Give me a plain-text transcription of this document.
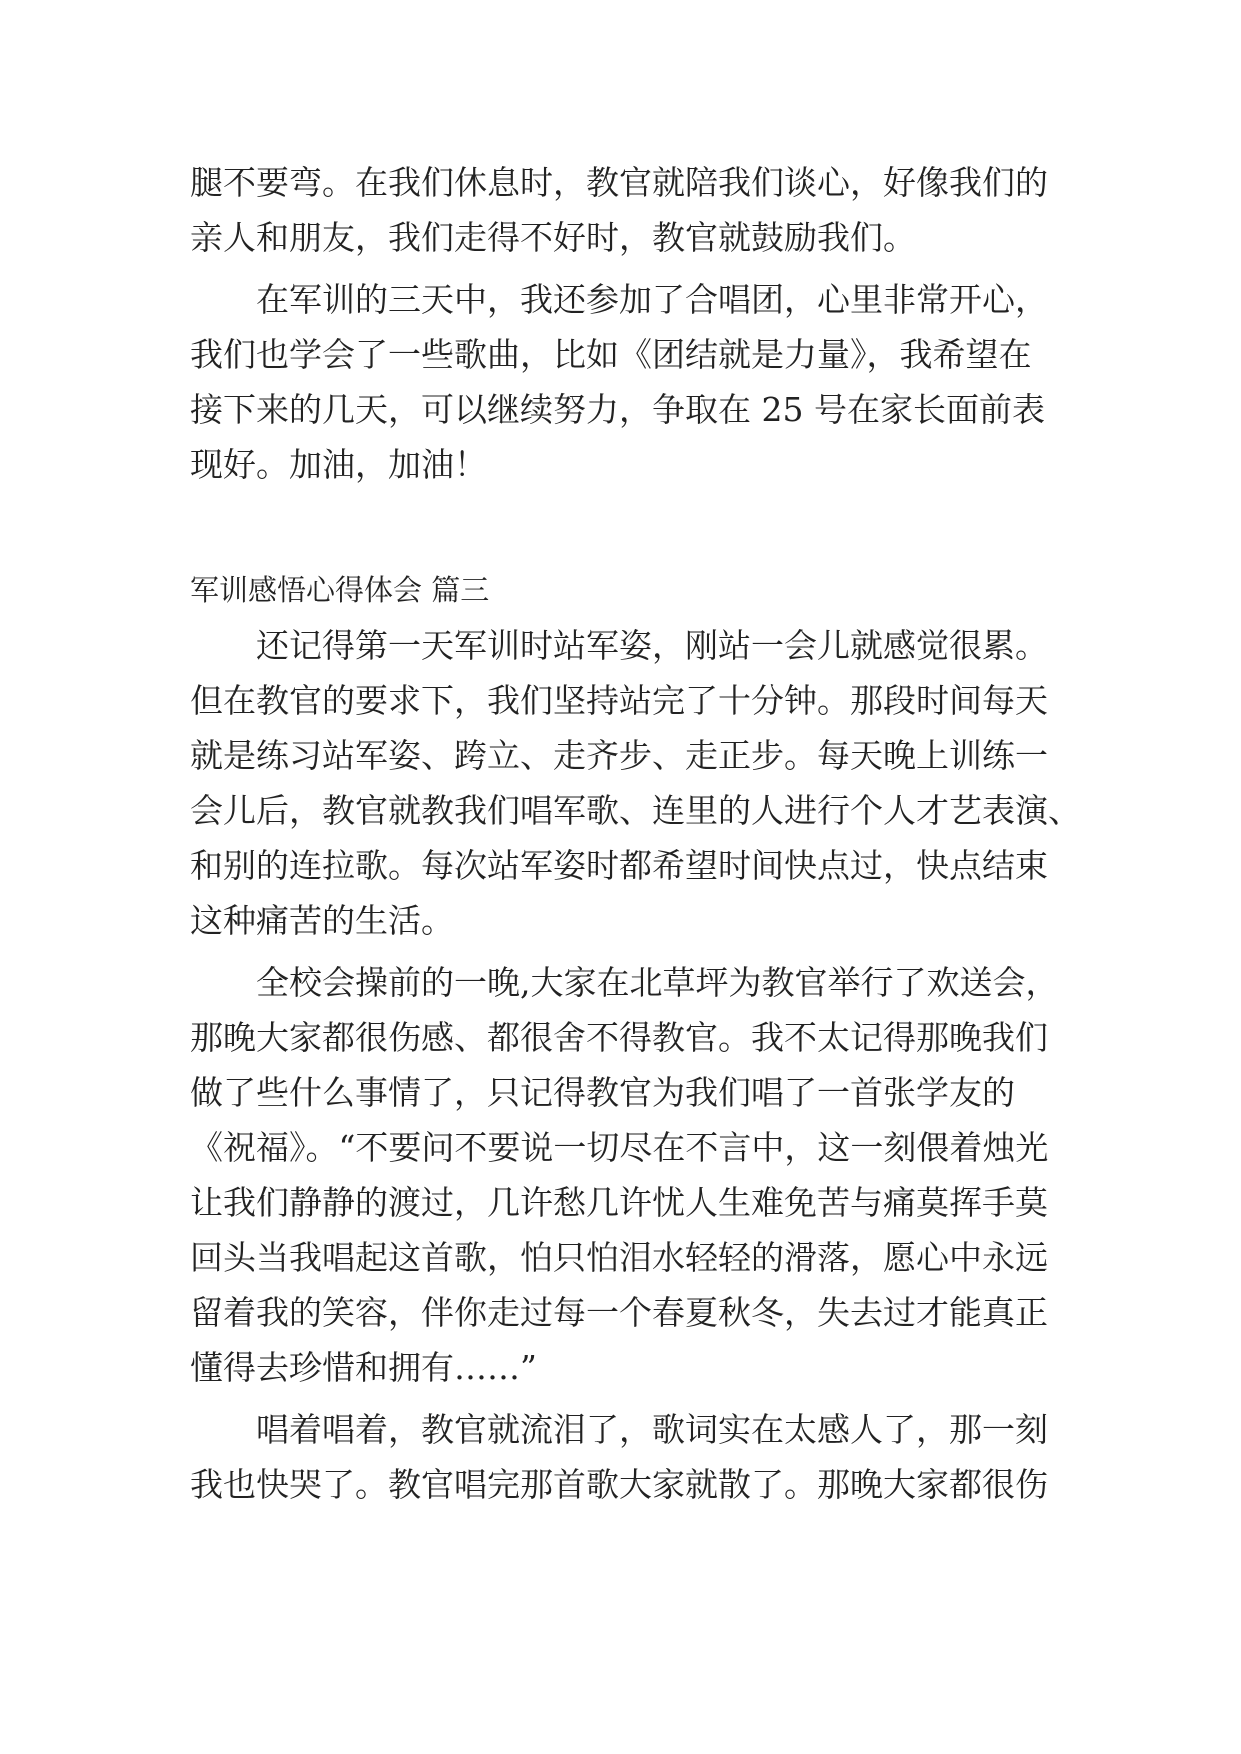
腿不要弯。在我们休息时，教官就陪我们谈心，好像我们的
亲人和朋友，我们走得不好时，教官就鼓励我们。
在军训的三天中，我还参加了合唱团，心里非常开心，
我们也学会了一些歌曲，比如《团结就是力量》，我希望在
接下来的几天，可以继续努力，争取在 25 号在家长面前表
现好。加油，加油！
军训感悟心得体会 篇三
还记得第一天军训时站军姿，刚站一会儿就感觉很累。
但在教官的要求下，我们坚持站完了十分钟。那段时间每天
就是练习站军姿、跨立、走齐步、走正步。每天晚上训练一
会儿后，教官就教我们唱军歌、连里的人进行个人才艺表演、
和别的连拉歌。每次站军姿时都希望时间快点过，快点结束
这种痛苦的生活。
全校会操前的一晚,大家在北草坪为教官举行了欢送会，
那晚大家都很伤感、都很舍不得教官。我不太记得那晚我们
做了些什么事情了，只记得教官为我们唱了一首张学友的
《祝福》。“不要问不要说一切尽在不言中，这一刻偎着烛光
让我们静静的渡过，几许愁几许忧人生难免苦与痛莫挥手莫
回头当我唱起这首歌，怕只怕泪水轻轻的滑落，愿心中永远
留着我的笑容，伴你走过每一个春夏秋冬，失去过才能真正
懂得去珍惜和拥有……”
唱着唱着，教官就流泪了，歌词实在太感人了，那一刻
我也快哭了。教官唱完那首歌大家就散了。那晚大家都很伤
